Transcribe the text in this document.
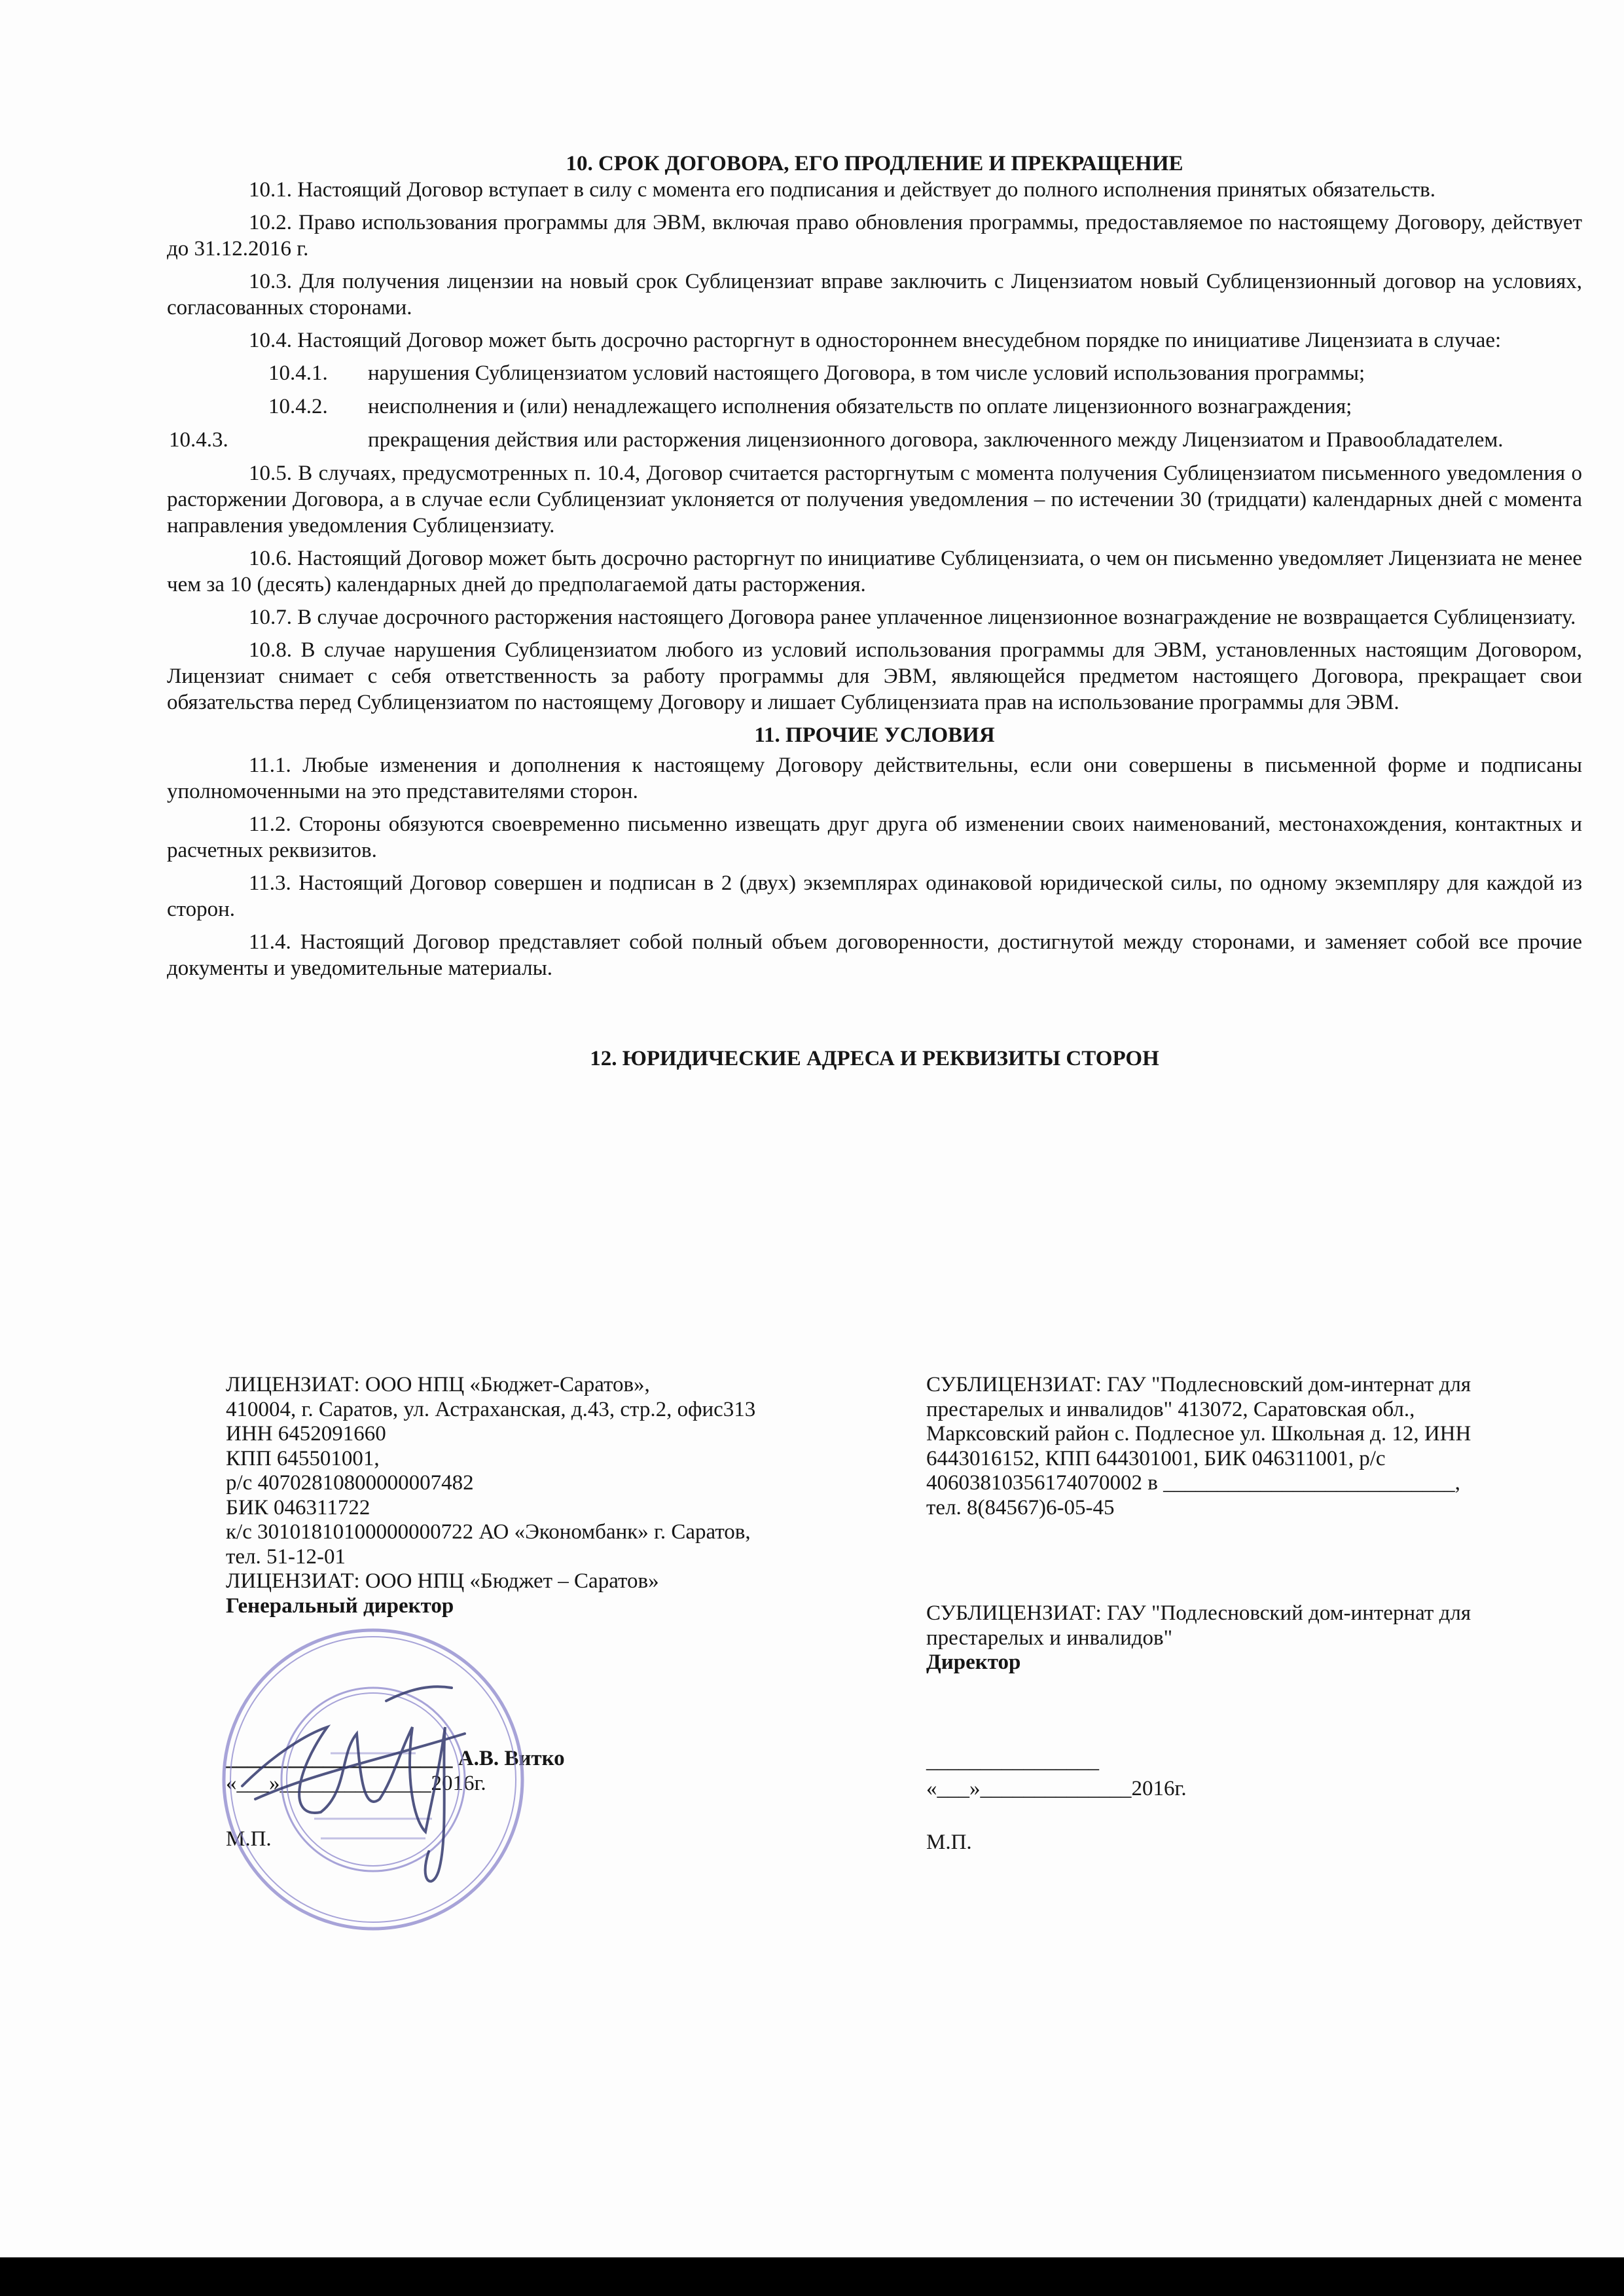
10. СРОК ДОГОВОРА, ЕГО ПРОДЛЕНИЕ И ПРЕКРАЩЕНИЕ

10.1. Настоящий Договор вступает в силу с момента его подписания и действует до полного исполнения принятых обязательств.

10.2. Право использования программы для ЭВМ, включая право обновления программы, предоставляемое по настоящему Договору, действует до 31.12.2016 г.

10.3. Для получения лицензии на новый срок Сублицензиат вправе заключить с Лицензиатом новый Сублицензионный договор на условиях, согласованных сторонами.

10.4. Настоящий Договор может быть досрочно расторгнут в одностороннем внесудебном порядке по инициативе Лицензиата в случае:

10.4.1. нарушения Сублицензиатом условий настоящего Договора, в том числе условий использования программы;

10.4.2. неисполнения и (или) ненадлежащего исполнения обязательств по оплате лицензионного вознаграждения;

10.4.3.	прекращения действия или расторжения лицензионного договора, заключенного между Лицензиатом и Правообладателем.

10.5. В случаях, предусмотренных п. 10.4, Договор считается расторгнутым с момента получения Сублицензиатом письменного уведомления о расторжении Договора, а в случае если Сублицензиат уклоняется от получения уведомления – по истечении 30 (тридцати) календарных дней с момента направления уведомления Сублицензиату.

10.6. Настоящий Договор может быть досрочно расторгнут по инициативе Сублицензиата, о чем он письменно уведомляет Лицензиата не менее чем за 10 (десять) календарных дней до предполагаемой даты расторжения.

10.7. В случае досрочного расторжения настоящего Договора ранее уплаченное лицензионное вознаграждение не возвращается Сублицензиату.

10.8. В случае нарушения Сублицензиатом любого из условий использования программы для ЭВМ, установленных настоящим Договором, Лицензиат снимает с себя ответственность за работу программы для ЭВМ, являющейся предметом настоящего Договора, прекращает свои обязательства перед Сублицензиатом по настоящему Договору и лишает Сублицензиата прав на использование программы для ЭВМ.

11. ПРОЧИЕ УСЛОВИЯ

11.1. Любые изменения и дополнения к настоящему Договору действительны, если они совершены в письменной форме и подписаны уполномоченными на это представителями сторон.

11.2. Стороны обязуются своевременно письменно извещать друг друга об изменении своих наименований, местонахождения, контактных и расчетных реквизитов.

11.3. Настоящий Договор совершен и подписан в 2 (двух) экземплярах одинаковой юридической силы, по одному экземпляру для каждой из сторон.

11.4. Настоящий Договор представляет собой полный объем договоренности, достигнутой между сторонами, и заменяет собой все прочие документы и уведомительные материалы.

12. ЮРИДИЧЕСКИЕ АДРЕСА И РЕКВИЗИТЫ СТОРОН

ЛИЦЕНЗИАТ: ООО НПЦ «Бюджет-Саратов»,
410004, г. Саратов, ул. Астраханская, д.43, стр.2, офис313
ИНН 6452091660
КПП 645501001,
р/с 40702810800000007482
БИК 046311722
к/с 30101810100000000722 АО «Экономбанк» г. Саратов,
тел. 51-12-01
ЛИЦЕНЗИАТ: ООО НПЦ «Бюджет – Саратов»
Генеральный директор
_____________________ А.В. Витко
«___»______________2016г.
М.П.
СУБЛИЦЕНЗИАТ: ГАУ "Подлесновский дом-интернат для
престарелых и инвалидов" 413072, Саратовская обл.,
Марксовский район с. Подлесное ул. Школьная д. 12, ИНН
6443016152, КПП 644301001, БИК 046311001, р/с
40603810356174070002 в ___________________________,
тел. 8(84567)6-05-45
СУБЛИЦЕНЗИАТ: ГАУ "Подлесновский дом-интернат для
престарелых и инвалидов"
Директор
________________
«___»______________2016г.
М.П.
